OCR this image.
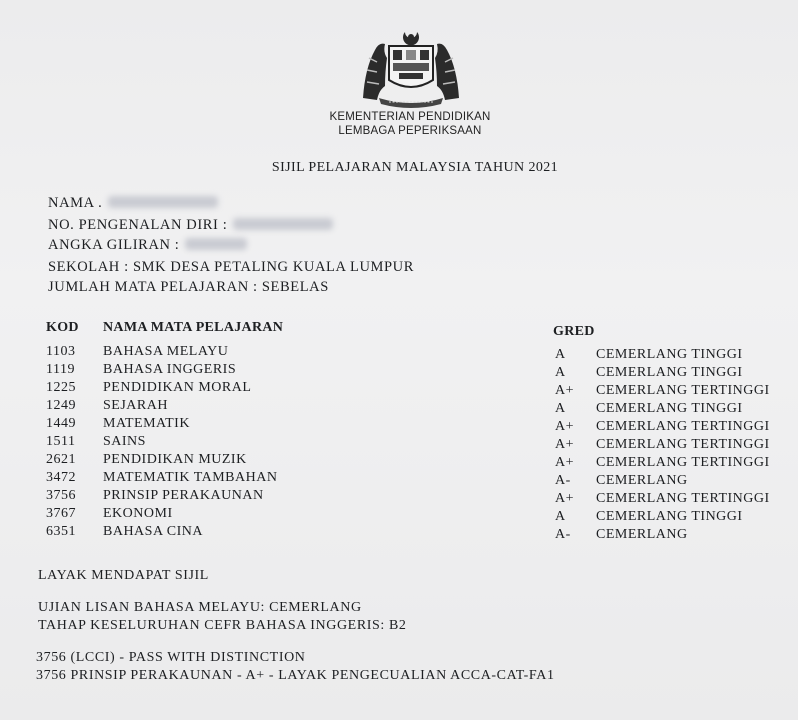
KEMENTERIAN PENDIDIKAN
LEMBAGA PEPERIKSAAN
SIJIL PELAJARAN MALAYSIA TAHUN 2021
NAMA .
NO. PENGENALAN DIRI :
ANGKA GILIRAN :
SEKOLAH : SMK DESA PETALING KUALA LUMPUR
JUMLAH MATA PELAJARAN : SEBELAS
KOD NAMA MATA PELAJARAN	GRED
1103 BAHASA MELAYU	A CEMERLANG TINGGI
1119 BAHASA INGGERIS	A CEMERLANG TINGGI
1225 PENDIDIKAN MORAL	A+ CEMERLANG TERTINGGI
1249 SEJARAH	A CEMERLANG TINGGI
1449 MATEMATIK	A+ CEMERLANG TERTINGGI
1511 SAINS	A+ CEMERLANG TERTINGGI
2621 PENDIDIKAN MUZIK	A+ CEMERLANG TERTINGGI
3472 MATEMATIK TAMBAHAN	A- CEMERLANG
3756 PRINSIP PERAKAUNAN	A+ CEMERLANG TERTINGGI
3767 EKONOMI	A CEMERLANG TINGGI
6351 BAHASA CINA	A- CEMERLANG
LAYAK MENDAPAT SIJIL
UJIAN LISAN BAHASA MELAYU: CEMERLANG
TAHAP KESELURUHAN CEFR BAHASA INGGERIS: B2
3756 (LCCI) - PASS WITH DISTINCTION
3756 PRINSIP PERAKAUNAN - A+ - LAYAK PENGECUALIAN ACCA-CAT-FA1
